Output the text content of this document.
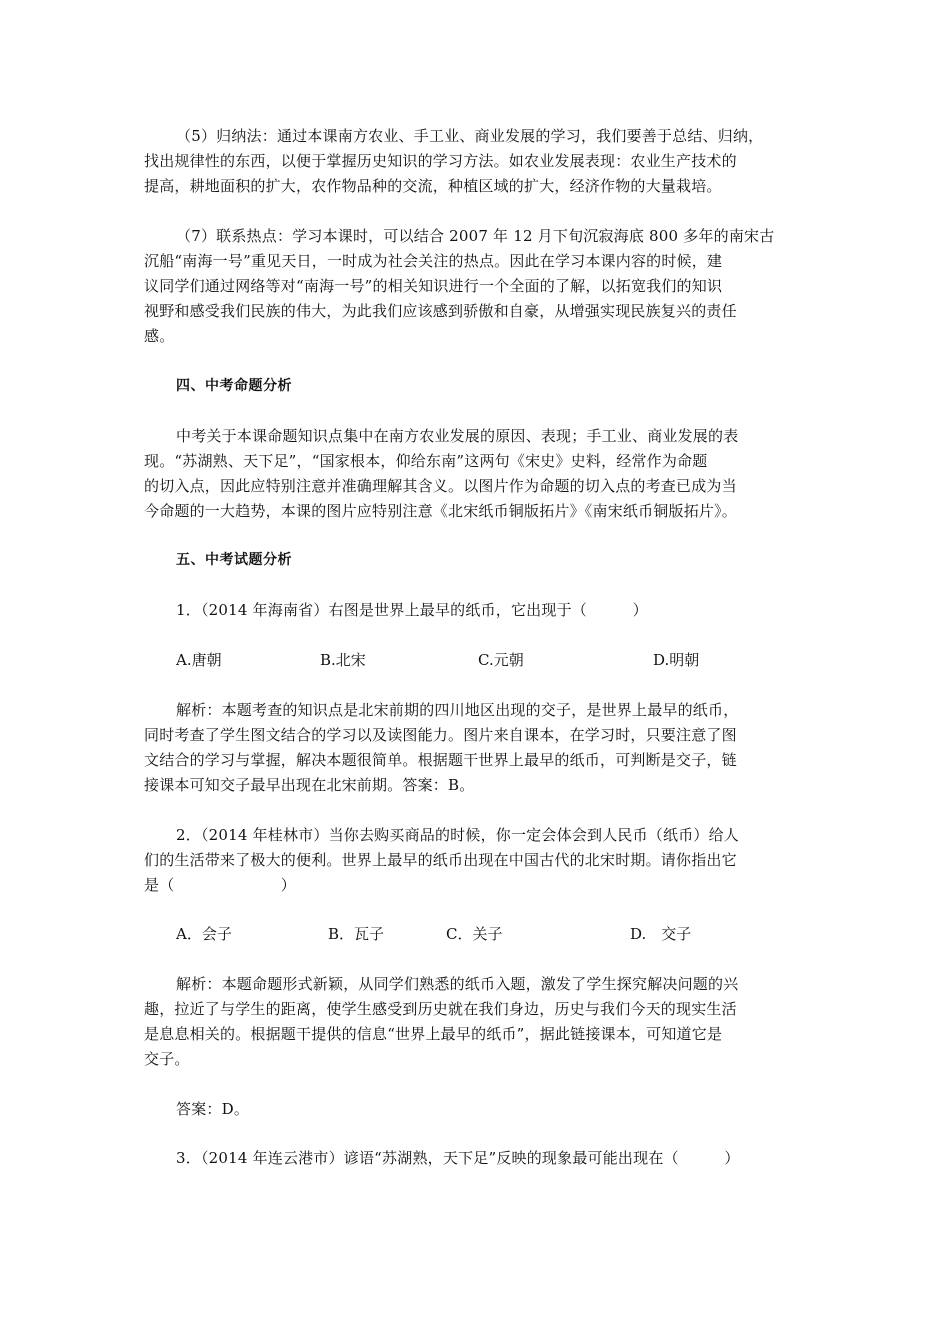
（5）归纳法：通过本课南方农业、手工业、商业发展的学习，我们要善于总结、归纳，
找出规律性的东西，以便于掌握历史知识的学习方法。如农业发展表现：农业生产技术的
提高，耕地面积的扩大，农作物品种的交流，种植区域的扩大，经济作物的大量栽培。
（7）联系热点：学习本课时，可以结合 2007 年 12 月下旬沉寂海底 800 多年的南宋古
沉船“南海一号”重见天日，一时成为社会关注的热点。因此在学习本课内容的时候，建
议同学们通过网络等对“南海一号”的相关知识进行一个全面的了解，以拓宽我们的知识
视野和感受我们民族的伟大，为此我们应该感到骄傲和自豪，从增强实现民族复兴的责任
感。
四、中考命题分析
中考关于本课命题知识点集中在南方农业发展的原因、表现；手工业、商业发展的表
现。“苏湖熟、天下足”，“国家根本，仰给东南”这两句《宋史》史料，经常作为命题
的切入点，因此应特别注意并准确理解其含义。以图片作为命题的切入点的考查已成为当
今命题的一大趋势，本课的图片应特别注意《北宋纸币铜版拓片》《南宋纸币铜版拓片》。
五、中考试题分析
1．（2014 年海南省）右图是世界上最早的纸币，它出现于（　　　）
A.唐朝	B.北宋	C.元朝	D.明朝
解析：本题考查的知识点是北宋前期的四川地区出现的交子，是世界上最早的纸币，
同时考查了学生图文结合的学习以及读图能力。图片来自课本，在学习时，只要注意了图
文结合的学习与掌握，解决本题很简单。根据题干世界上最早的纸币，可判断是交子，链
接课本可知交子最早出现在北宋前期。答案：B。
2．（2014 年桂林市）当你去购买商品的时候，你一定会体会到人民币（纸币）给人
们的生活带来了极大的便利。世界上最早的纸币出现在中国古代的北宋时期。请你指出它
是（　　　　　　　）
A．会子	B．瓦子	C．关子	D.　交子
解析：本题命题形式新颖，从同学们熟悉的纸币入题，激发了学生探究解决问题的兴
趣，拉近了与学生的距离，使学生感受到历史就在我们身边，历史与我们今天的现实生活
是息息相关的。根据题干提供的信息“世界上最早的纸币”，据此链接课本，可知道它是
交子。
答案：D。
3．（2014 年连云港市）谚语“苏湖熟，天下足”反映的现象最可能出现在（　　　）
